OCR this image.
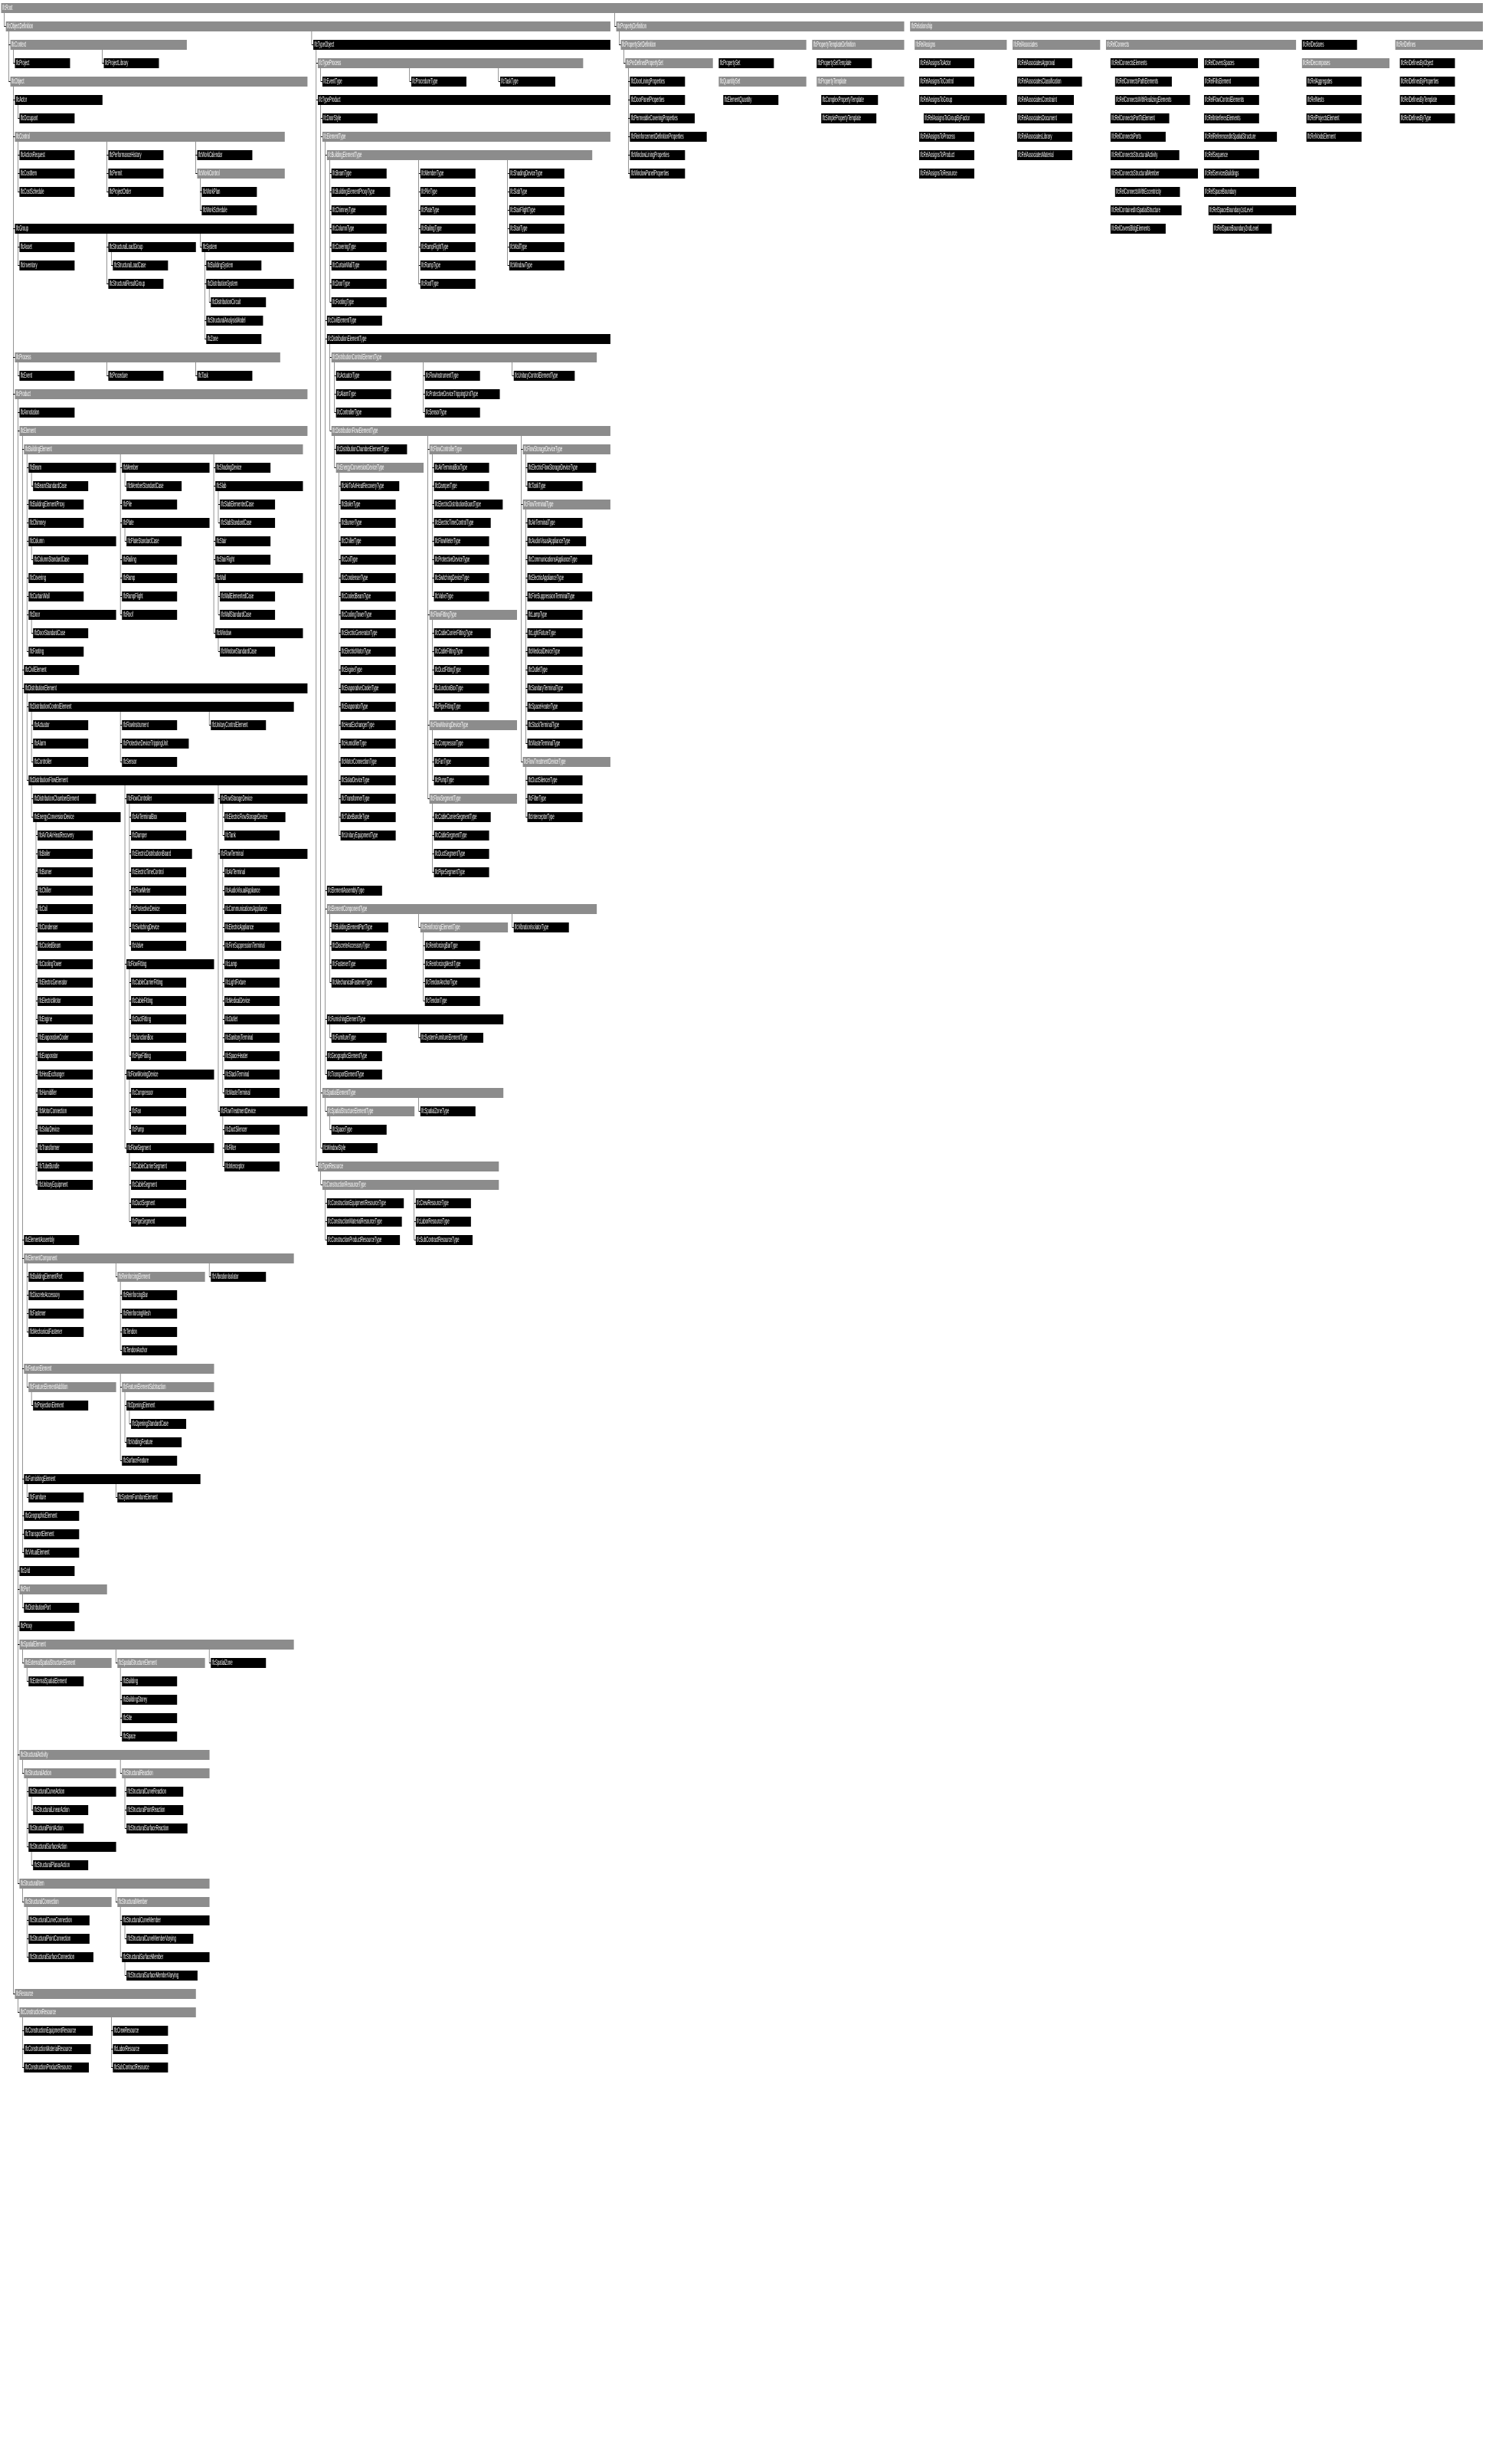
IfcRoot
IfcObjectDefinition
IfcContext
IfcProject	IfcProjectLibrary
IfcObject
IfcActor
IfcOccupant
IfcControl
IfcActionRequest
IfcCostItem
IfcCostSchedule
IfcPerformanceHistory
IfcPermit
IfcProjectOrder
IfcWorkCalendar
IfcWorkControl
IfcWorkPlan
IfcWorkSchedule
IfcGroup
IfcAsset
IfcInventory
IfcStructuralLoadGroup
IfcStructuralLoadCase
IfcStructuralResultGroup
IfcSystem
IfcBuildingSystem
IfcDistributionSystem
IfcDistributionCircuit
IfcStructuralAnalysisModel
IfcZone
IfcProcess
IfcEvent	IfcProcedure	IfcTask
IfcProduct
IfcAnnotation
IfcElement
IfcBuildingElement
IfcBeam
IfcBeamStandardCase
IfcBuildingElementProxy
IfcChimney
IfcColumn
IfcColumnStandardCase
IfcCovering
IfcCurtainWall
IfcDoor
IfcDoorStandardCase
IfcFooting
IfcMember
IfcMemberStandardCase
IfcPile
IfcPlate
IfcPlateStandardCase
IfcRailing
IfcRamp
IfcRampFlight
IfcRoof
IfcShadingDevice
IfcSlab
IfcSlabElementedCase
IfcSlabStandardCase
IfcStair
IfcStairFlight
IfcWall
IfcWallElementedCase
IfcWallStandardCase
IfcWindow
IfcWindowStandardCase
IfcCivilElement
IfcDistributionElement
IfcDistributionControlElement
IfcActuator
IfcAlarm
IfcController
IfcFlowInstrument
IfcProtectiveDeviceTrippingUnit
IfcSensor
IfcUnitaryControlElement
IfcDistributionFlowElement
IfcDistributionChamberElement
IfcEnergyConversionDevice
IfcAirToAirHeatRecovery
IfcBoiler
IfcBurner
IfcChiller
IfcCoil
IfcCondenser
IfcCooledBeam
IfcCoolingTower
IfcElectricGenerator
IfcElectricMotor
IfcEngine
IfcEvaporativeCooler
IfcEvaporator
IfcHeatExchanger
IfcHumidifier
IfcMotorConnection
IfcSolarDevice
IfcTransformer
IfcTubeBundle
IfcUnitaryEquipment
IfcFlowController
IfcAirTerminalBox
IfcDamper
IfcElectricDistributionBoard
IfcElectricTimeControl
IfcFlowMeter
IfcProtectiveDevice
IfcSwitchingDevice
IfcValve
IfcFlowFitting
IfcCableCarrierFitting
IfcCableFitting
IfcDuctFitting
IfcJunctionBox
IfcPipeFitting
IfcFlowMovingDevice
IfcCompressor
IfcFan
IfcPump
IfcFlowSegment
IfcCableCarrierSegment
IfcCableSegment
IfcDuctSegment
IfcPipeSegment
IfcFlowStorageDevice
IfcElectricFlowStorageDevice
IfcTank
IfcFlowTerminal
IfcAirTerminal
IfcAudioVisualAppliance
IfcCommunicationsAppliance
IfcElectricAppliance
IfcFireSuppressionTerminal
IfcLamp
IfcLightFixture
IfcMedicalDevice
IfcOutlet
IfcSanitaryTerminal
IfcSpaceHeater
IfcStackTerminal
IfcWasteTerminal
IfcFlowTreatmentDevice
IfcDuctSilencer
IfcFilter
IfcInterceptor
IfcElementAssembly
IfcElementComponent
IfcBuildingElementPart
IfcDiscreteAccessory
IfcFastener
IfcMechanicalFastener
IfcReinforcingElement
IfcReinforcingBar
IfcReinforcingMesh
IfcTendon
IfcTendonAnchor
IfcVibrationIsolator
IfcFeatureElement
IfcFeatureElementAddition
IfcProjectionElement
IfcFeatureElementSubtraction
IfcOpeningElement
IfcOpeningStandardCase
IfcVoidingFeature
IfcSurfaceFeature
IfcFurnishingElement
IfcFurniture	IfcSystemFurnitureElement
IfcGeographicElement
IfcTransportElement
IfcVirtualElement
IfcGrid
IfcPort
IfcDistributionPort
IfcProxy
IfcSpatialElement
IfcExternalSpatialStructureElement
IfcExternalSpatialElement
IfcSpatialStructureElement
IfcBuilding
IfcBuildingStorey
IfcSite
IfcSpace
IfcSpatialZone
IfcStructuralActivity
IfcStructuralAction
IfcStructuralCurveAction
IfcStructuralLinearAction
IfcStructuralPointAction
IfcStructuralSurfaceAction
IfcStructuralPlanarAction
IfcStructuralReaction
IfcStructuralCurveReaction
IfcStructuralPointReaction
IfcStructuralSurfaceReaction
IfcStructuralItem
IfcStructuralConnection
IfcStructuralCurveConnection
IfcStructuralPointConnection
IfcStructuralSurfaceConnection
IfcStructuralMember
IfcStructuralCurveMember
IfcStructuralCurveMemberVarying
IfcStructuralSurfaceMember
IfcStructuralSurfaceMemberVarying
IfcResource
IfcConstructionResource
IfcConstructionEquipmentResource
IfcConstructionMaterialResource
IfcConstructionProductResource
IfcCrewResource
IfcLaborResource
IfcSubContractResource
IfcTypeObject
IfcTypeProcess
IfcEventType	IfcProcedureType	IfcTaskType
IfcTypeProduct
IfcDoorStyle
IfcElementType
IfcBuildingElementType
IfcBeamType
IfcBuildingElementProxyType
IfcChimneyType
IfcColumnType
IfcCoveringType
IfcCurtainWallType
IfcDoorType
IfcFootingType
IfcMemberType
IfcPileType
IfcPlateType
IfcRailingType
IfcRampFlightType
IfcRampType
IfcRoofType
IfcShadingDeviceType
IfcSlabType
IfcStairFlightType
IfcStairType
IfcWallType
IfcWindowType
IfcCivilElementType
IfcDistributionElementType
IfcDistributionControlElementType
IfcActuatorType
IfcAlarmType
IfcControllerType
IfcFlowInstrumentType
IfcProtectiveDeviceTrippingUnitType
IfcSensorType
IfcUnitaryControlElementType
IfcDistributionFlowElementType
IfcDistributionChamberElementType
IfcEnergyConversionDeviceType
IfcAirToAirHeatRecoveryType
IfcBoilerType
IfcBurnerType
IfcChillerType
IfcCoilType
IfcCondenserType
IfcCooledBeamType
IfcCoolingTowerType
IfcElectricGeneratorType
IfcElectricMotorType
IfcEngineType
IfcEvaporativeCoolerType
IfcEvaporatorType
IfcHeatExchangerType
IfcHumidifierType
IfcMotorConnectionType
IfcSolarDeviceType
IfcTransformerType
IfcTubeBundleType
IfcUnitaryEquipmentType
IfcFlowControllerType
IfcAirTerminalBoxType
IfcDamperType
IfcElectricDistributionBoardType
IfcElectricTimeControlType
IfcFlowMeterType
IfcProtectiveDeviceType
IfcSwitchingDeviceType
IfcValveType
IfcFlowFittingType
IfcCableCarrierFittingType
IfcCableFittingType
IfcDuctFittingType
IfcJunctionBoxType
IfcPipeFittingType
IfcFlowMovingDeviceType
IfcCompressorType
IfcFanType
IfcPumpType
IfcFlowSegmentType
IfcCableCarrierSegmentType
IfcCableSegmentType
IfcDuctSegmentType
IfcPipeSegmentType
IfcFlowStorageDeviceType
IfcElectricFlowStorageDeviceType
IfcTankType
IfcFlowTerminalType
IfcAirTerminalType
IfcAudioVisualApplianceType
IfcCommunicationsApplianceType
IfcElectricApplianceType
IfcFireSuppressionTerminalType
IfcLampType
IfcLightFixtureType
IfcMedicalDeviceType
IfcOutletType
IfcSanitaryTerminalType
IfcSpaceHeaterType
IfcStackTerminalType
IfcWasteTerminalType
IfcFlowTreatmentDeviceType
IfcDuctSilencerType
IfcFilterType
IfcInterceptorType
IfcElementAssemblyType
IfcElementComponentType
IfcBuildingElementPartType
IfcDiscreteAccessoryType
IfcFastenerType
IfcMechanicalFastenerType
IfcReinforcingElementType
IfcReinforcingBarType
IfcReinforcingMeshType
IfcTendonAnchorType
IfcTendonType
IfcVibrationIsolatorType
IfcFurnishingElementType
IfcFurnitureType	IfcSystemFurnitureElementType
IfcGeographicElementType
IfcTransportElementType
IfcSpatialElementType
IfcSpatialStructureElementType
IfcSpaceType
IfcSpatialZoneType
IfcWindowStyle
IfcTypeResource
IfcConstructionResourceType
IfcConstructionEquipmentResourceType
IfcConstructionMaterialResourceType
IfcConstructionProductResourceType
IfcCrewResourceType
IfcLaborResourceType
IfcSubContractResourceType
IfcPropertyDefinition
IfcPropertySetDefinition
IfcPreDefinedPropertySet
IfcDoorLiningProperties
IfcDoorPanelProperties
IfcPermeableCoveringProperties
IfcReinforcementDefinitionProperties
IfcWindowLiningProperties
IfcWindowPanelProperties
IfcPropertySet
IfcQuantitySet
IfcElementQuantity
IfcPropertyTemplateDefinition
IfcPropertySetTemplate
IfcPropertyTemplate
IfcComplexPropertyTemplate
IfcSimplePropertyTemplate
IfcRelationship
IfcRelAssigns
IfcRelAssignsToActor
IfcRelAssignsToControl
IfcRelAssignsToGroup
IfcRelAssignsToGroupByFactor
IfcRelAssignsToProcess
IfcRelAssignsToProduct
IfcRelAssignsToResource
IfcRelAssociates
IfcRelAssociatesApproval
IfcRelAssociatesClassification
IfcRelAssociatesConstraint
IfcRelAssociatesDocument
IfcRelAssociatesLibrary
IfcRelAssociatesMaterial
IfcRelConnects
IfcRelConnectsElements
IfcRelConnectsPathElements
IfcRelConnectsWithRealizingElements
IfcRelConnectsPortToElement
IfcRelConnectsPorts
IfcRelConnectsStructuralActivity
IfcRelConnectsStructuralMember
IfcRelConnectsWithEccentricity
IfcRelContainedInSpatialStructure
IfcRelCoversBldgElements
IfcRelCoversSpaces
IfcRelFillsElement
IfcRelFlowControlElements
IfcRelInterferesElements
IfcRelReferencedInSpatialStructure
IfcRelSequence
IfcRelServicesBuildings
IfcRelSpaceBoundary
IfcRelSpaceBoundary1stLevel
IfcRelSpaceBoundary2ndLevel
IfcRelDeclares
IfcRelDecomposes
IfcRelAggregates
IfcRelNests
IfcRelProjectsElement
IfcRelVoidsElement
IfcRelDefines
IfcRelDefinesByObject
IfcRelDefinesByProperties
IfcRelDefinesByTemplate
IfcRelDefinesByType
